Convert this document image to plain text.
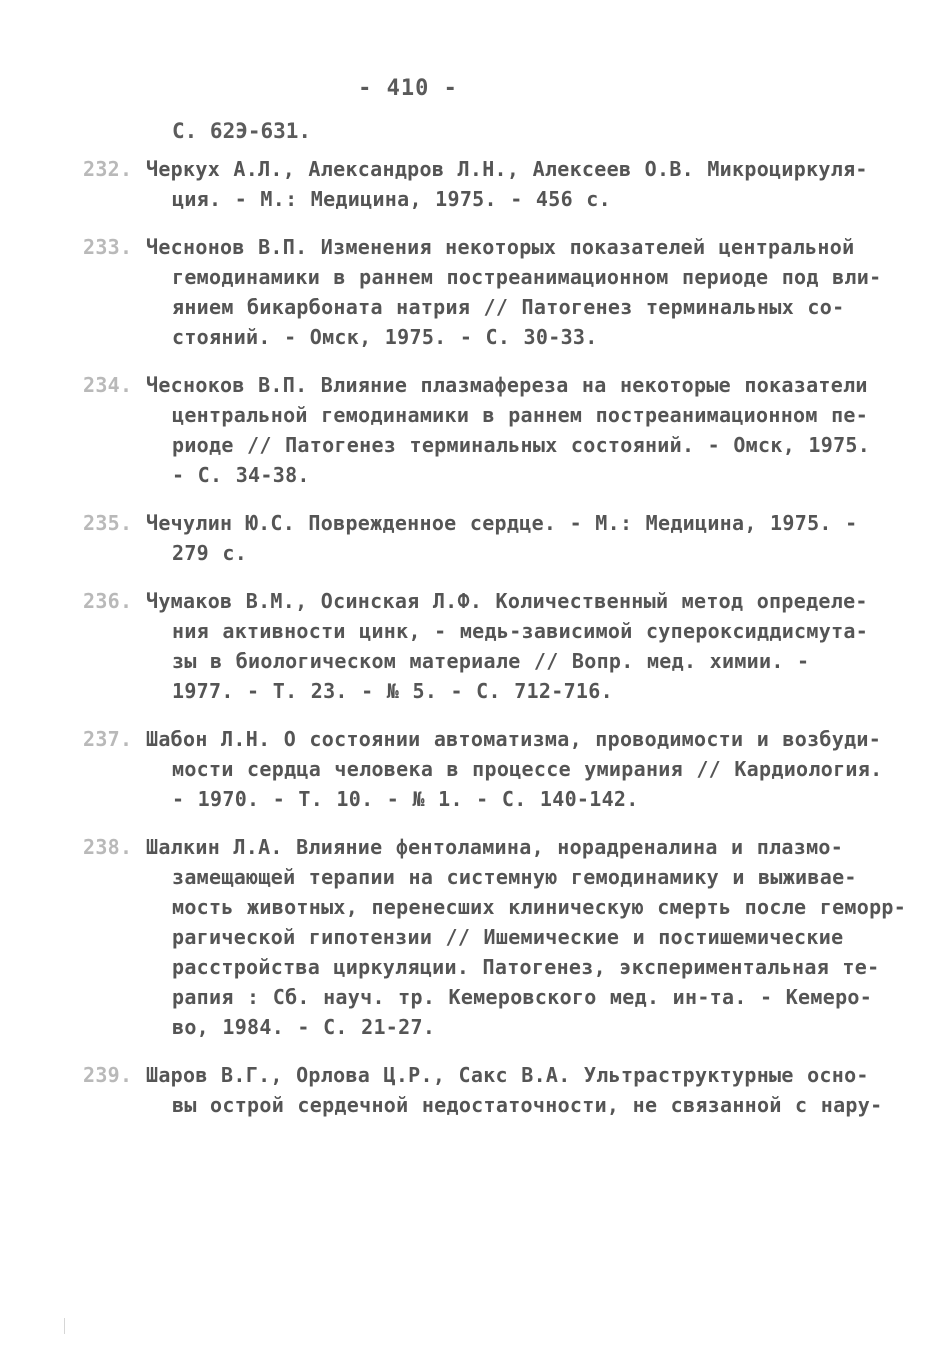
- 410 -
С. 62Э-631.
232. Черкух А.Л., Александров Л.Н., Алексеев О.В. Микроциркуля-
ция. - М.: Медицина, 1975. - 456 с.
233. Чеснонов В.П. Изменения некоторых показателей центральной
гемодинамики в раннем постреанимационном периоде под вли-
янием бикарбоната натрия // Патогенез терминальных со-
стояний. - Омск, 1975. - С. 30-33.
234. Чесноков В.П. Влияние плазмафереза на некоторые показатели
центральной гемодинамики в раннем постреанимационном пе-
риоде // Патогенез терминальных состояний. - Омск, 1975.
- С. 34-38.
235. Чечулин Ю.С. Поврежденное сердце. - М.: Медицина, 1975. -
279 с.
236. Чумаков В.М., Осинская Л.Ф. Количественный метод определе-
ния активности цинк, - медь-зависимой супероксиддисмута-
зы в биологическом материале // Вопр. мед. химии. -
1977. - Т. 23. - № 5. - С. 712-716.
237. Шабон Л.Н. О состоянии автоматизма, проводимости и возбуди-
мости сердца человека в процессе умирания // Кардиология.
- 1970. - Т. 10. - № 1. - С. 140-142.
238. Шалкин Л.А. Влияние фентоламина, норадреналина и плазмо-
замещающей терапии на системную гемодинамику и выживае-
мость животных, перенесших клиническую смерть после геморр-
рагической гипотензии // Ишемические и постишемические
расстройства циркуляции. Патогенез, экспериментальная те-
рапия : Сб. науч. тр. Кемеровского мед. ин-та. - Кемеро-
во, 1984. - С. 21-27.
239. Шаров В.Г., Орлова Ц.Р., Сакс В.А. Ультраструктурные осно-
вы острой сердечной недостаточности, не связанной с нару-
